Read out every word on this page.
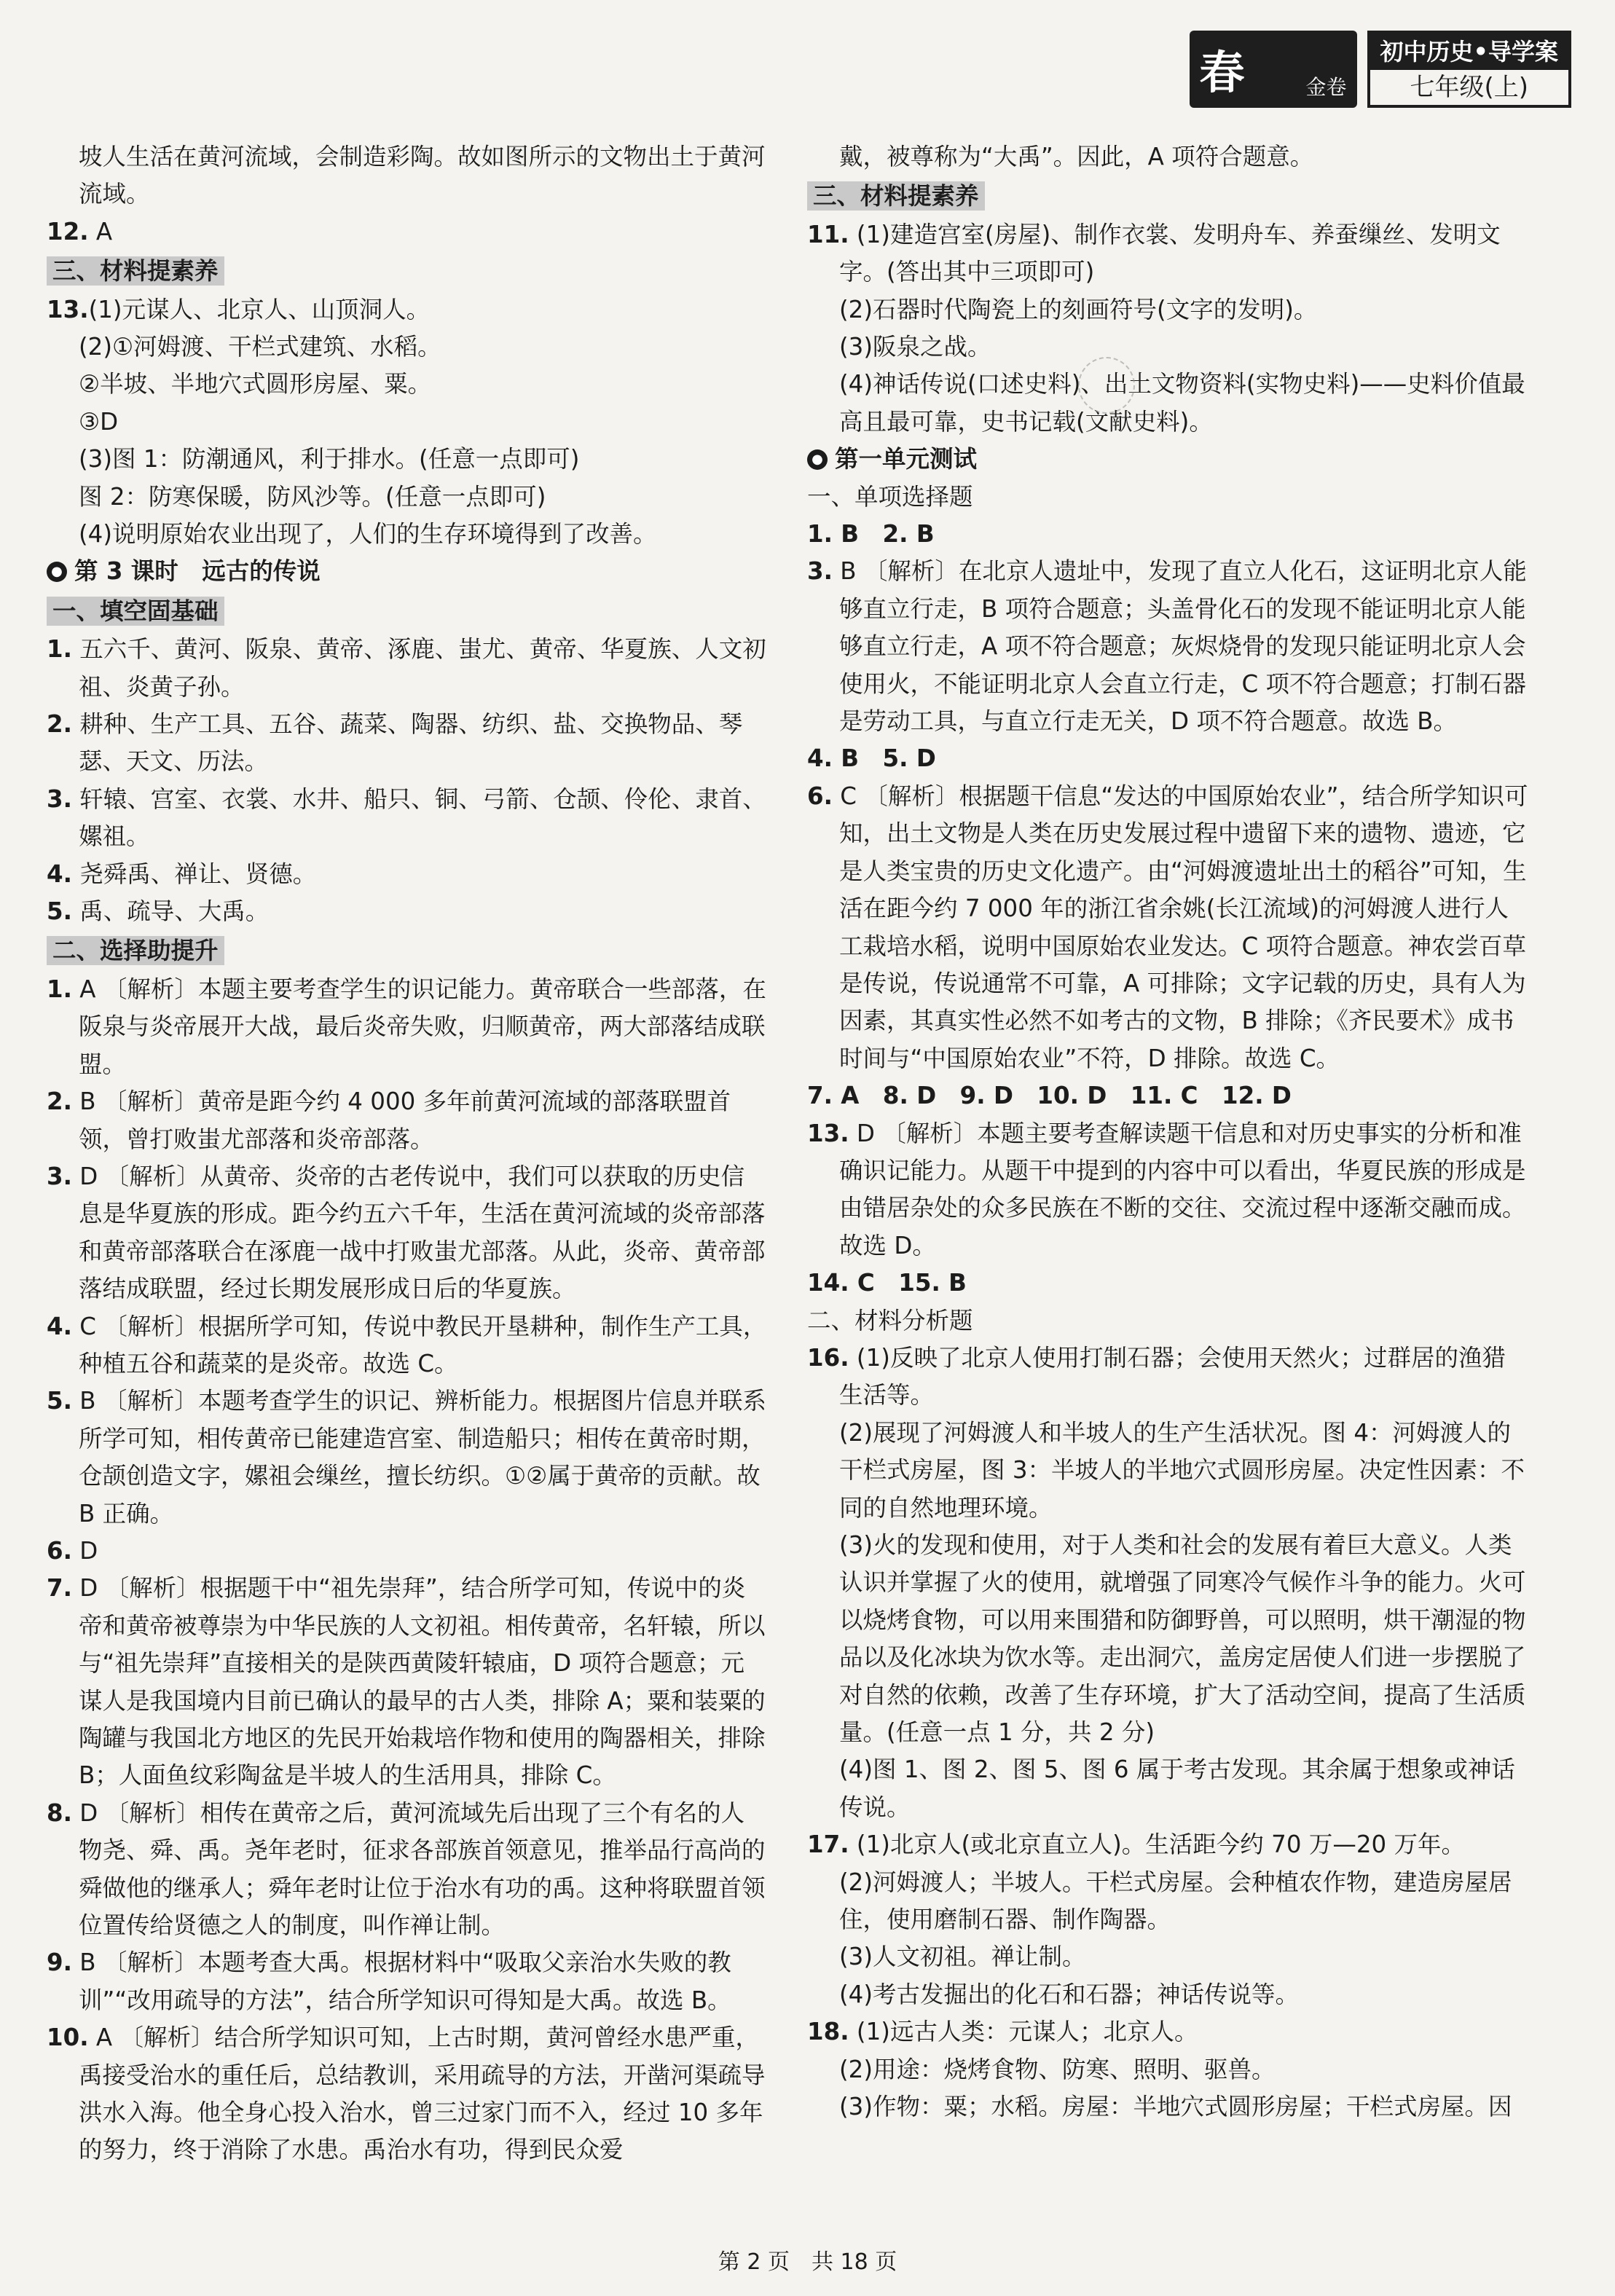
春	金卷
初中历史•导学案
七年级(上)

坡人生活在黄河流域，会制造彩陶。故如图所示的文物出土于黄河流域。

12. A

三、材料提素养

13.(1)元谋人、北京人、山顶洞人。

(2)①河姆渡、干栏式建筑、水稻。

②半坡、半地穴式圆形房屋、粟。

③D

(3)图 1：防潮通风，利于排水。(任意一点即可)

图 2：防寒保暖，防风沙等。(任意一点即可)

(4)说明原始农业出现了，人们的生存环境得到了改善。

● 第 3 课时　远古的传说
一、填空固基础

1. 五六千、黄河、阪泉、黄帝、涿鹿、蚩尤、黄帝、华夏族、人文初祖、炎黄子孙。

2. 耕种、生产工具、五谷、蔬菜、陶器、纺织、盐、交换物品、琴瑟、天文、历法。

3. 轩辕、宫室、衣裳、水井、船只、铜、弓箭、仓颉、伶伦、隶首、嫘祖。

4. 尧舜禹、禅让、贤德。

5. 禹、疏导、大禹。

二、选择助提升

1. A 〔解析〕本题主要考查学生的识记能力。黄帝联合一些部落，在阪泉与炎帝展开大战，最后炎帝失败，归顺黄帝，两大部落结成联盟。

2. B 〔解析〕黄帝是距今约 4 000 多年前黄河流域的部落联盟首领，曾打败蚩尤部落和炎帝部落。

3. D 〔解析〕从黄帝、炎帝的古老传说中，我们可以获取的历史信息是华夏族的形成。距今约五六千年，生活在黄河流域的炎帝部落和黄帝部落联合在涿鹿一战中打败蚩尤部落。从此，炎帝、黄帝部落结成联盟，经过长期发展形成日后的华夏族。

4. C 〔解析〕根据所学可知，传说中教民开垦耕种，制作生产工具，种植五谷和蔬菜的是炎帝。故选 C。

5. B 〔解析〕本题考查学生的识记、辨析能力。根据图片信息并联系所学可知，相传黄帝已能建造宫室、制造船只；相传在黄帝时期，仓颉创造文字，嫘祖会缫丝，擅长纺织。①②属于黄帝的贡献。故 B 正确。

6. D

7. D 〔解析〕根据题干中“祖先崇拜”，结合所学可知，传说中的炎帝和黄帝被尊崇为中华民族的人文初祖。相传黄帝，名轩辕，所以与“祖先崇拜”直接相关的是陕西黄陵轩辕庙，D 项符合题意；元谋人是我国境内目前已确认的最早的古人类，排除 A；粟和装粟的陶罐与我国北方地区的先民开始栽培作物和使用的陶器相关，排除 B；人面鱼纹彩陶盆是半坡人的生活用具，排除 C。

8. D 〔解析〕相传在黄帝之后，黄河流域先后出现了三个有名的人物尧、舜、禹。尧年老时，征求各部族首领意见，推举品行高尚的舜做他的继承人；舜年老时让位于治水有功的禹。这种将联盟首领位置传给贤德之人的制度，叫作禅让制。

9. B 〔解析〕本题考查大禹。根据材料中“吸取父亲治水失败的教训”“改用疏导的方法”，结合所学知识可得知是大禹。故选 B。

10. A 〔解析〕结合所学知识可知，上古时期，黄河曾经水患严重，禹接受治水的重任后，总结教训，采用疏导的方法，开凿河渠疏导洪水入海。他全身心投入治水，曾三过家门而不入，经过 10 多年的努力，终于消除了水患。禹治水有功，得到民众爱

戴，被尊称为“大禹”。因此，A 项符合题意。

三、材料提素养

11. (1)建造宫室(房屋)、制作衣裳、发明舟车、养蚕缫丝、发明文字。(答出其中三项即可)

(2)石器时代陶瓷上的刻画符号(文字的发明)。

(3)阪泉之战。

(4)神话传说(口述史料)、出土文物资料(实物史料)——史料价值最高且最可靠，史书记载(文献史料)。

● 第一单元测试

一、单项选择题

1. B　2. B

3. B 〔解析〕在北京人遗址中，发现了直立人化石，这证明北京人能够直立行走，B 项符合题意；头盖骨化石的发现不能证明北京人能够直立行走，A 项不符合题意；灰烬烧骨的发现只能证明北京人会使用火，不能证明北京人会直立行走，C 项不符合题意；打制石器是劳动工具，与直立行走无关，D 项不符合题意。故选 B。

4. B　5. D

6. C 〔解析〕根据题干信息“发达的中国原始农业”，结合所学知识可知，出土文物是人类在历史发展过程中遗留下来的遗物、遗迹，它是人类宝贵的历史文化遗产。由“河姆渡遗址出土的稻谷”可知，生活在距今约 7 000 年的浙江省余姚(长江流域)的河姆渡人进行人工栽培水稻，说明中国原始农业发达。C 项符合题意。神农尝百草是传说，传说通常不可靠，A 可排除；文字记载的历史，具有人为因素，其真实性必然不如考古的文物，B 排除；《齐民要术》成书时间与“中国原始农业”不符，D 排除。故选 C。

7. A　8. D　9. D　10. D　11. C　12. D

13. D 〔解析〕本题主要考查解读题干信息和对历史事实的分析和准确识记能力。从题干中提到的内容中可以看出，华夏民族的形成是由错居杂处的众多民族在不断的交往、交流过程中逐渐交融而成。故选 D。

14. C　15. B

二、材料分析题

16. (1)反映了北京人使用打制石器；会使用天然火；过群居的渔猎生活等。

(2)展现了河姆渡人和半坡人的生产生活状况。图 4：河姆渡人的干栏式房屋，图 3：半坡人的半地穴式圆形房屋。决定性因素：不同的自然地理环境。

(3)火的发现和使用，对于人类和社会的发展有着巨大意义。人类认识并掌握了火的使用，就增强了同寒冷气候作斗争的能力。火可以烧烤食物，可以用来围猎和防御野兽，可以照明，烘干潮湿的物品以及化冰块为饮水等。走出洞穴，盖房定居使人们进一步摆脱了对自然的依赖，改善了生存环境，扩大了活动空间，提高了生活质量。(任意一点 1 分，共 2 分)

(4)图 1、图 2、图 5、图 6 属于考古发现。其余属于想象或神话传说。

17. (1)北京人(或北京直立人)。生活距今约 70 万—20 万年。

(2)河姆渡人；半坡人。干栏式房屋。会种植农作物，建造房屋居住，使用磨制石器、制作陶器。

(3)人文初祖。禅让制。

(4)考古发掘出的化石和石器；神话传说等。

18. (1)远古人类：元谋人；北京人。

(2)用途：烧烤食物、防寒、照明、驱兽。

(3)作物：粟；水稻。房屋：半地穴式圆形房屋；干栏式房屋。因

第 2 页　共 18 页
